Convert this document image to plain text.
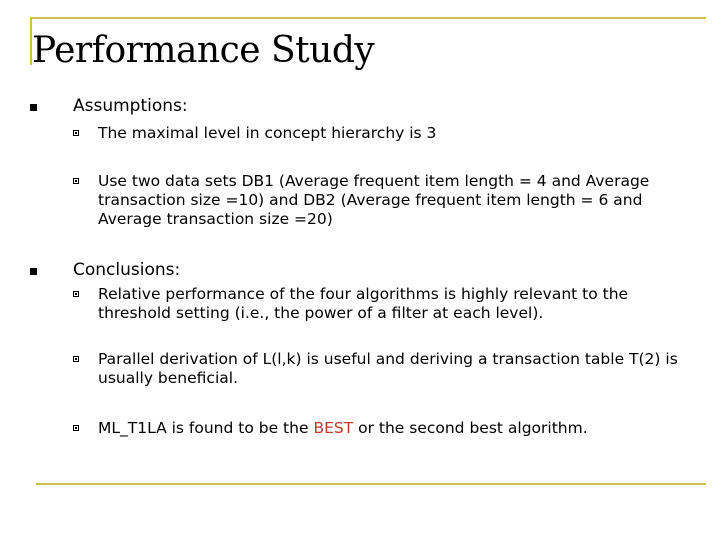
Performance Study
Assumptions:
The maximal level in concept hierarchy is 3
Use two data sets DB1 (Average frequent item length = 4 and Average transaction size =10) and DB2 (Average frequent item length = 6 and Average transaction size =20)
Conclusions:
Relative performance of the four algorithms is highly relevant to the threshold setting (i.e., the power of a filter at each level).
Parallel derivation of L(l,k) is useful and deriving a transaction table T(2) is usually beneficial.
ML_T1LA is found to be the BEST or the second best algorithm.
